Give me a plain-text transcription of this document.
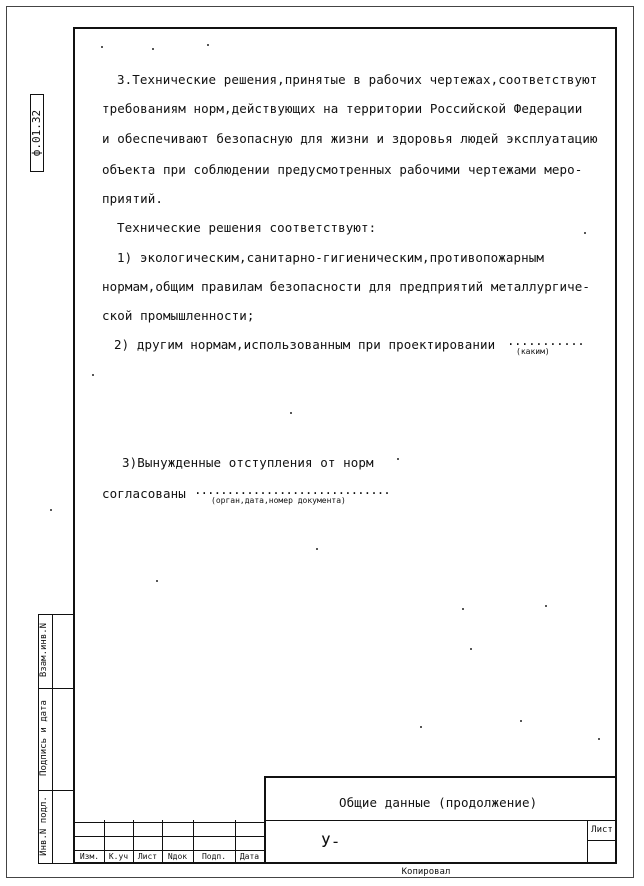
ф.01.32
Инв.N подл.
Подпись и дата
Взам.инв.N
3.Технические решения,принятые в рабочих чертежах,соответствуют
требованиям норм,действующих на территории Российской Федерации
и обеспечивают безопасную для жизни и здоровья людей эксплуатацию
объекта при соблюдении предусмотренных рабочими чертежами меро-
приятий.
Технические решения соответствуют:
1) экологическим,санитарно-гигиеническим,противопожарным
нормам,общим правилам безопасности для предприятий металлургиче-
ской промышленности;
2) другим нормам,использованным при проектировании ...........
(каким)
3)Вынужденные отступления от норм
согласованы ..............................
(орган,дата,номер документа)
Общие данные (продолжение)
У-
Лист
Изм.	К.уч	Лист	Nдок	Подп.	Дата
Копировал
